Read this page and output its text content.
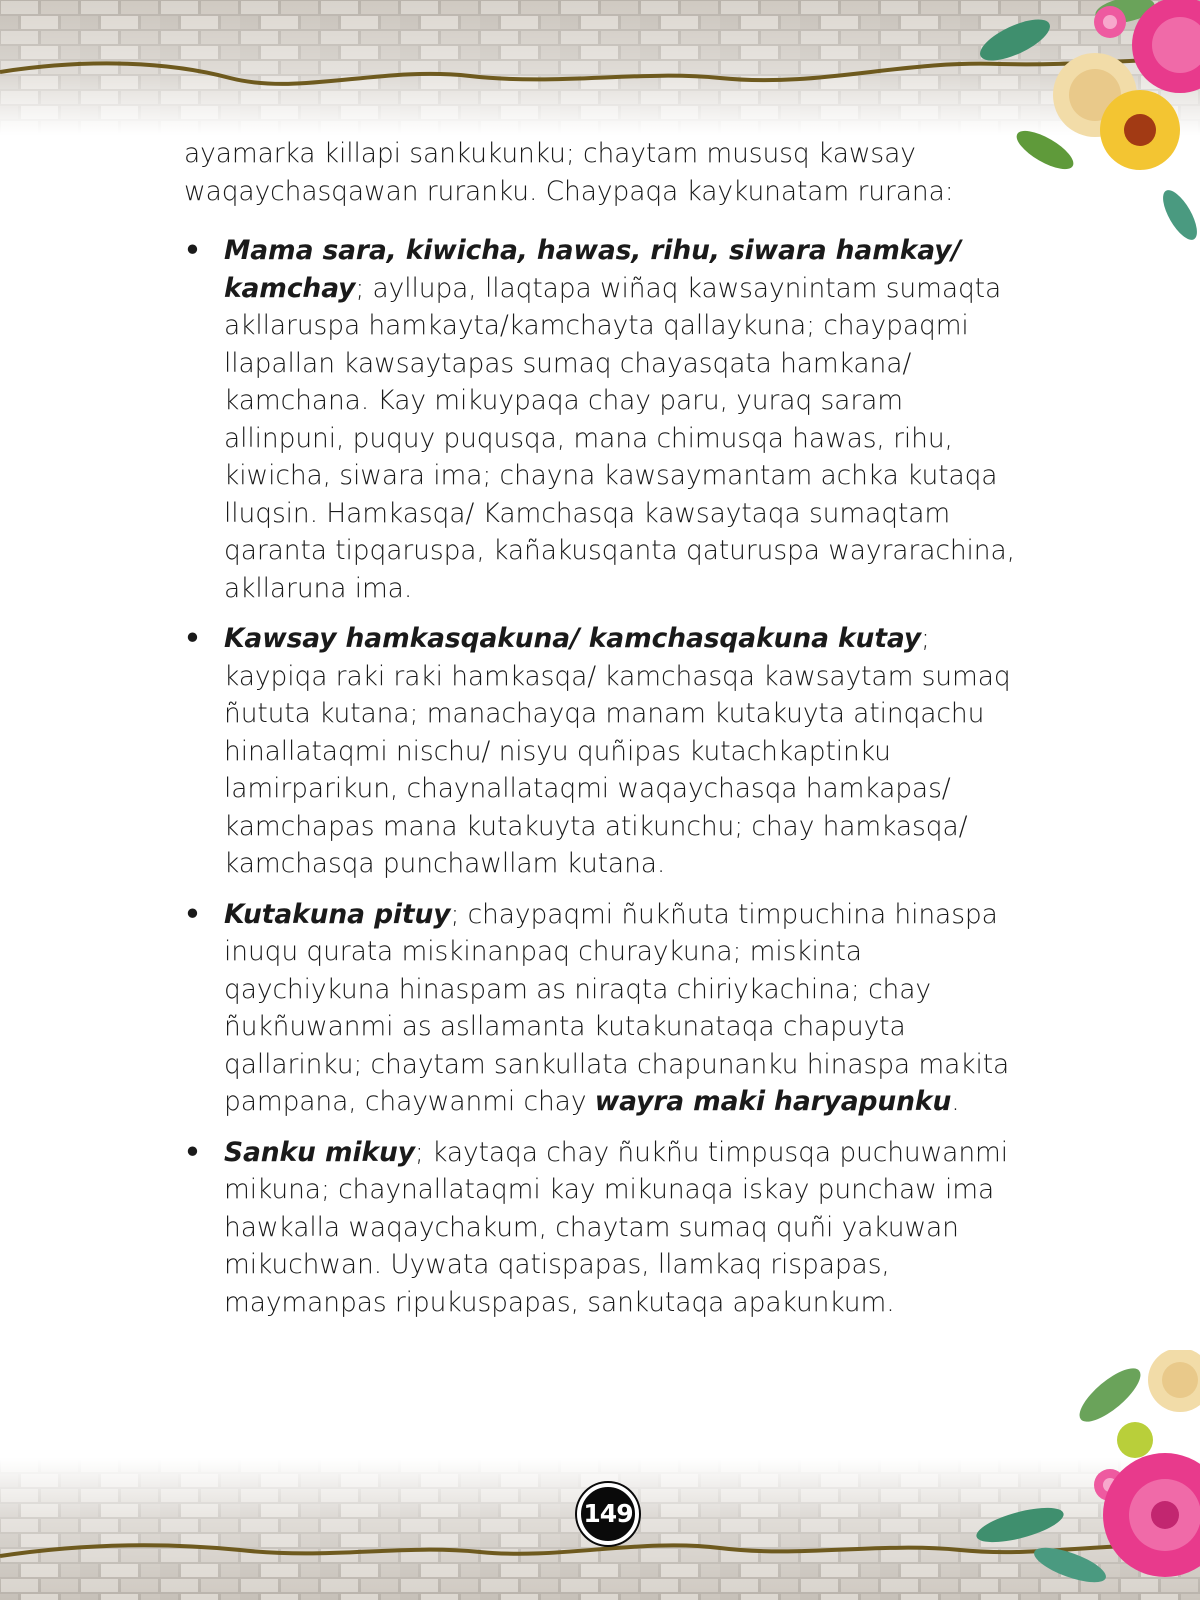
ayamarka killapi sankukunku; chaytam mususq kawsay waqaychasqawan ruranku. Chaypaqa kaykunatam rurana:

• Mama sara, kiwicha, hawas, rihu, siwara hamkay/ kamchay; ayllupa, llaqtapa wiñaq kawsaynintam sumaqta akllaruspa hamkayta/kamchayta qallaykuna; chaypaqmi llapallan kawsaytapas sumaq chayasqata hamkana/ kamchana. Kay mikuypaqa chay paru, yuraq saram allinpuni, puquy puqusqa, mana chimusqa hawas, rihu, kiwicha, siwara ima; chayna kawsaymantam achka kutaqa lluqsin. Hamkasqa/ Kamchasqa kawsaytaqa sumaqtam qaranta tipqaruspa, kañakusqanta qaturuspa wayrarachina, akllaruna ima.
• Kawsay hamkasqakuna/ kamchasqakuna kutay; kaypiqa raki raki hamkasqa/ kamchasqa kawsaytam sumaq ñututa kutana; manachayqa manam kutakuyta atinqachu hinallataqmi nischu/ nisyu quñipas kutachkaptinku lamirparikun, chaynallataqmi waqaychasqa hamkapas/ kamchapas mana kutakuyta atikunchu; chay hamkasqa/ kamchasqa punchawllam kutana.
• Kutakuna pituy; chaypaqmi ñukñuta timpuchina hinaspa inuqu qurata miskinanpaq churaykuna; miskinta qaychiykuna hinaspam as niraqta chiriykachina; chay ñukñuwanmi as asllamanta kutakunataqa chapuyta qallarinku; chaytam sankullata chapunanku hinaspa makita pampana, chaywanmi chay wayra maki haryapunku.
• Sanku mikuy; kaytaqa chay ñukñu timpusqa puchuwanmi mikuna; chaynallataqmi kay mikunaqa iskay punchaw ima hawkalla waqaychakum, chaytam sumaq quñi yakuwan mikuchwan. Uywata qatispapas, llamkaq rispapas, maymanpas ripukuspapas, sankutaqa apakunkum.
149
